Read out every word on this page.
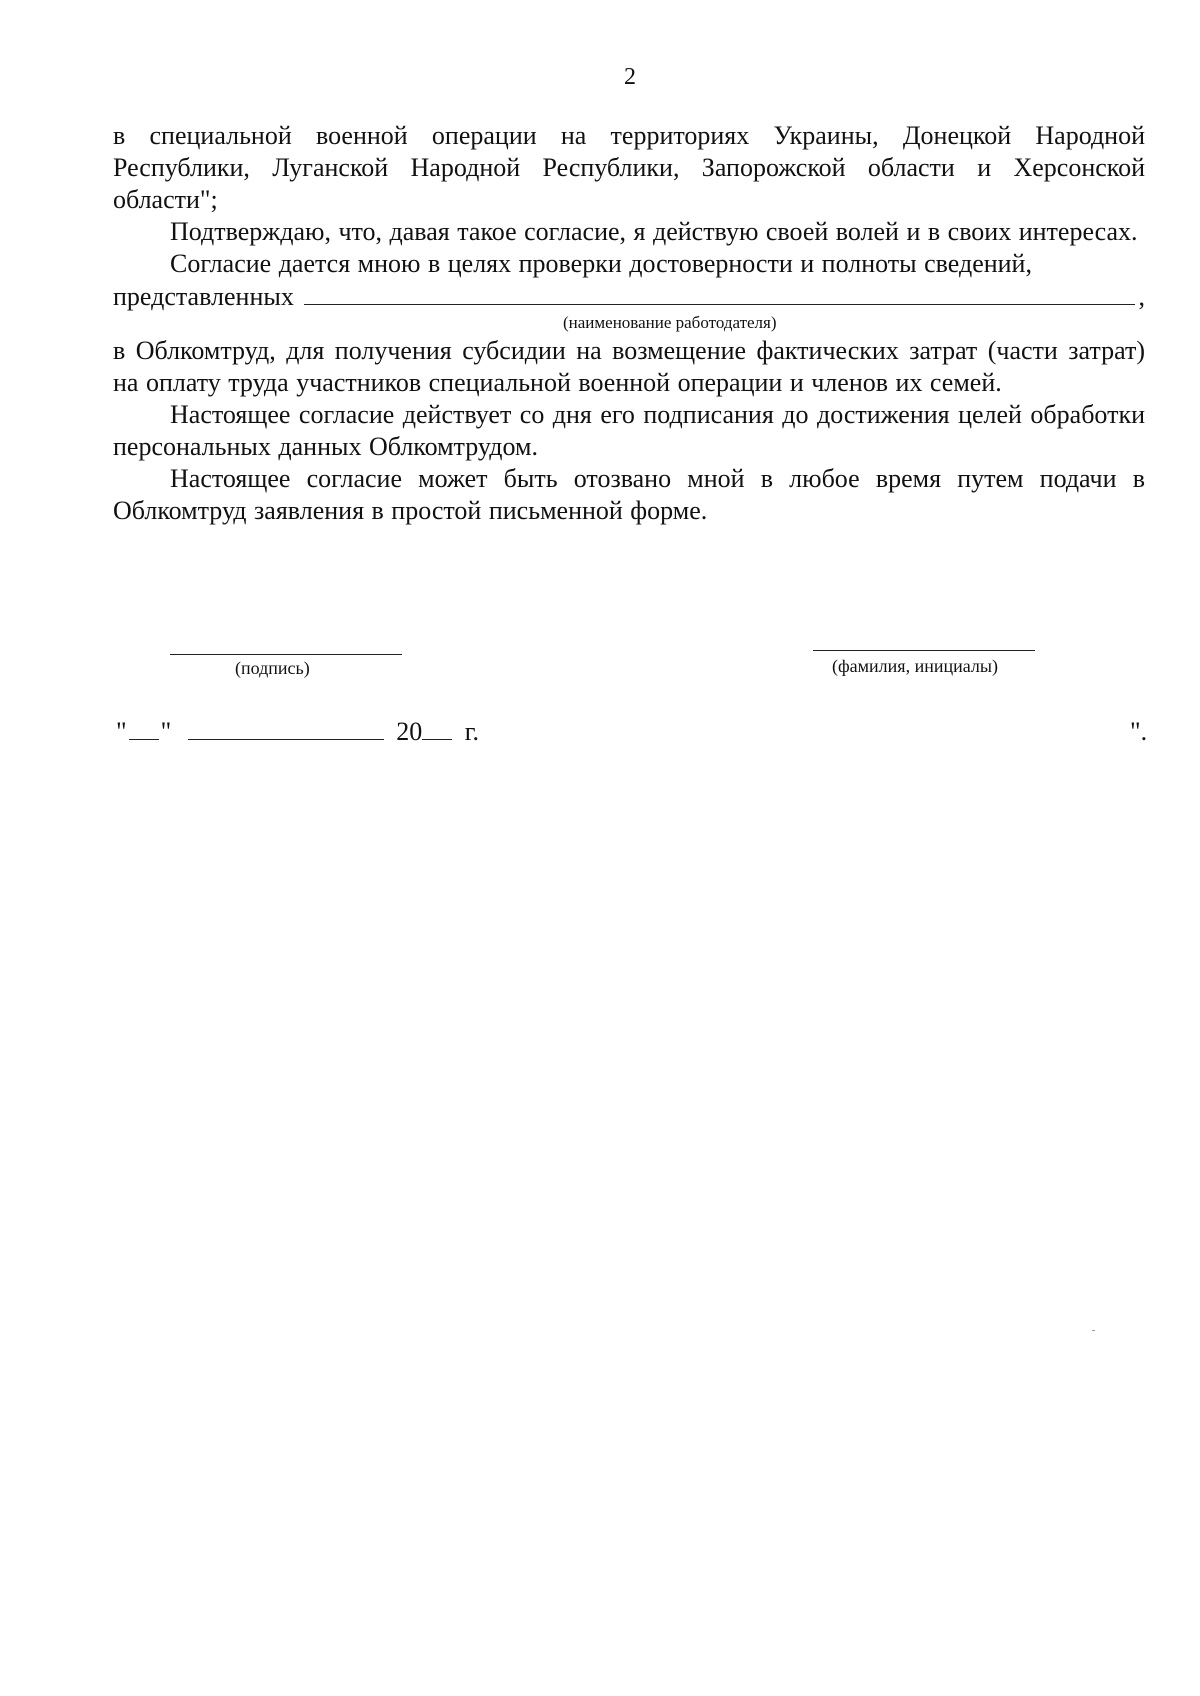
2

в специальной военной операции на территориях Украины, Донецкой Народной Республики, Луганской Народной Республики, Запорожской области и Херсонской области";

Подтверждаю, что, давая такое согласие, я действую своей волей и в своих интересах.

Согласие дается мною в целях проверки достоверности и полноты сведений,

представленных	,

(наименование работодателя)

в Облкомтруд, для получения субсидии на возмещение фактических затрат (части затрат) на оплату труда участников специальной военной операции и членов их семей.

Настоящее согласие действует со дня его подписания до достижения целей обработки персональных данных Облкомтрудом.

Настоящее согласие может быть отозвано мной в любое время путем подачи в Облкомтруд заявления в простой письменной форме.

(подпись)	(фамилия, инициалы)
" "	20 г.	".
